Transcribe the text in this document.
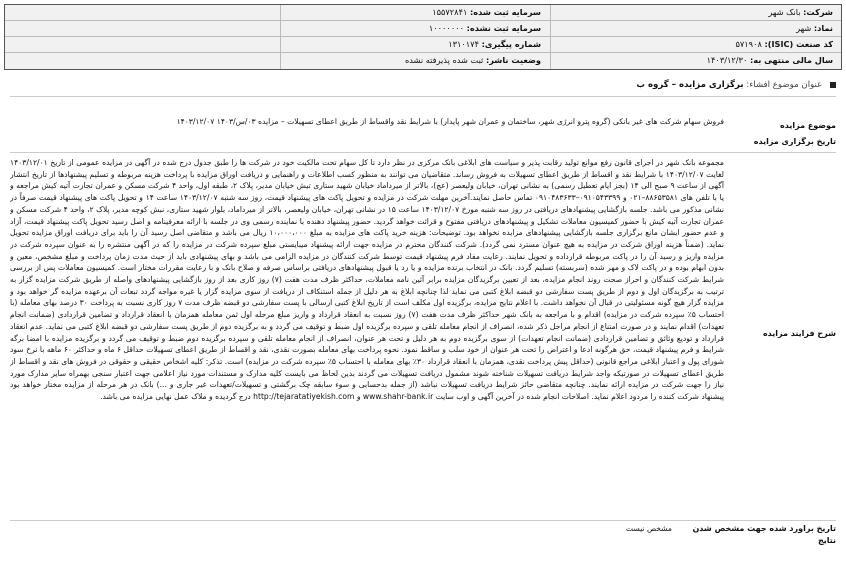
شرکت: بانک شهر
سرمایه ثبت شده: ۱۵۵۷۲۸۴۱
نماد: شهر
سرمایه ثبت نشده: ۱۰۰۰۰۰۰۰
کد صنعت (ISIC): ۵۷۱۹۰۸
شماره پیگیری: ۱۳۱۰۱۷۴
سال مالی منتهی به: ۱۴۰۳/۱۲/۳۰
وضعیت ناشر: ثبت شده پذیرفته نشده
عنوان موضوع افشاء: برگزاری مزایده – گروه ب
موضوع مزایده
تاریخ برگزاری مزایده
فروش سهام شرکت های غیر بانکی (گروه پترو انرژی شهر، ساختمان و عمران شهر پایدار) با شرایط نقد واقساط از طریق اعطای تسهیلات – مزایده ۰۳/س/۱۴۰۳ ۱۴۰۳/۱۲/۰۷
شرح فرایند مزایده
مجموعه بانک شهر در اجرای قانون رفع موانع تولید رقابت پذیر و سیاست های ابلاغی بانک مرکزی در نظر دارد تا کل سهام تحت مالکیت خود در شرکت ها را طبق جدول درج شده در آگهی در مزایده عمومی از تاریخ ۱۴۰۳/۱۲/۰۱ لغایت ۱۴۰۳/۱۲/۰۷ با شرایط نقد و اقساط از طریق اعطای تسهیلات به فروش رساند. متقاضیان می توانند به منظور کسب اطلاعات و راهنمایی و دریافت اوراق مزایده با پرداخت هزینه مربوطه و تسلیم پیشنهادها از تاریخ انتشار آگهی از ساعت ۹ صبح الی ۱۴ (بجز ایام تعطیل رسمی) به نشانی تهران، خیابان ولیعصر (عج)، بالاتر از میرداماد خیابان شهید ستاری تیش خیابان مدیر، پلاک ۲، طبقه اول، واحد ۴ شرکت مسکن و عمران تجارت آتیه کیش مراجعه و یا با تلفن های ۸۸۶۵۳۵۸۱–۰۲۱ و ۰۹۱۰۵۴۳۳۹۹–۰۹۱۰۴۸۳۶۳۳ تماس حاصل نمایند.آخرین مهلت شرکت در مزایده و تحویل پاکت های پیشنهاد قیمت، روز سه شنبه ۱۴۰۳/۱۲/۰۷ ساعت ۱۴ و تحویل پاکت های پیشنهاد قیمت صرفاً در نشانی مذکور می باشد. جلسه بازگشایی پیشنهادهای دریافتی در روز سه شنبه مورخ ۱۴۰۳/۱۲/۰۷ ساعت ۱۵ در نشانی تهران، خیابان ولیعصر، بالاتر از میرداماد، بلوار شهید ستاری، نبش کوچه مدیر، پلاک ۲، واحد ۴ شرکت مسکن و عمران تجارت آتیه کیش با حضور کمیسیون معاملات تشکیل و پیشنهادهای دریافتی مفتوح و قرائت خواهد گردید. حضور پیشنهاد دهنده با نماینده رسمی وی در جلسه با ارائه معرفینامه و اصل رسید تحویل پاکت پیشنهاد قیمت، آزاد و عدم حضور ایشان مانع برگزاری جلسه بازگشایی پیشنهادهای مزایده نخواهد بود. توضیحات: هزینه خرید پاکت های مزایده به مبلغ ۱۰،۰۰۰،۰۰۰ ریال می باشد و متقاضی اصل رسید آن را باید برای دریافت اوراق مزایده تحویل نماید. (ضمناً هزینه اوراق شرکت در مزایده به هیچ عنوان مسترد نمی گردد). شرکت کنندگان محترم در مزایده جهت ارائه پیشنهاد میبایستی مبلغ سپرده شرکت در مزایده را که در آگهی منتشره را به عنوان سپرده شرکت در مزایده واریز و رسید آن را در پاکت مربوطه قرارداده و تحویل نمایند. رعایت مفاد فرم پیشنهاد قیمت توسط شرکت کنندگان در مزایده الزامی می باشد و بهای پیشنهادی باید از حیث مدت زمان پرداخت و مبلغ مشخص، معین و بدون ابهام بوده و در پاکت لاک و مهر شده (سربسته) تسلیم گردد. بانک در انتخاب برنده مزایده و یا رد یا قبول پیشنهادهای دریافتی براساس صرفه و صلاح بانک و با رعایت مقررات مختار است. کمیسیون معاملات پس از بررسی شرایط شرکت کنندگان و احراز صحت روند انجام مزایده، بعد از تعیین برگزیدگان مزایده برابر آئین نامه معاملات، حداکثر ظرف مدت هفت (۷) روز کاری بعد از روز بازگشایی پیشنهادهای واصله از طریق شرکت مزایده گزار به ترتیب به برگزیدگان اول و دوم از طریق پست سفارشی دو قبضه ابلاغ کتبی می نماید لذا چنانچه ابلاغ به هر دلیل از جمله استنکاف از دریافت از سوی مزایده گزار یا غیره مواجه گردد تبعات آن برعهده مزایده گر خواهد بود و مزایده گزار هیچ گونه مسئولیتی در قبال آن نخواهد داشت. با اعلام نتایج مزایده، برگزیده اول مکلف است از تاریخ ابلاغ کتبی ارسالی با پست سفارشی دو قبضه ظرف مدت ۷ روز کاری نسبت به پرداخت ۳۰ درصد بهای معامله (با احتساب ۵٪ سپرده شرکت در مزایده) اقدام و با مراجعه به بانک شهر حداکثر ظرف مدت هفت (۷) روز نسبت به انعقاد قرارداد و واریز مبلغ مرحله اول ثمن معامله همزمان با انعقاد قرارداد و تضامین قراردادی (ضمانت انجام تعهدات) اقدام نمایند و در صورت امتناع از انجام مراحل ذکر شده، انصراف از انجام معامله تلقی و سپرده برگزیده اول ضبط و توقیف می گردد و به برگزیده دوم از طریق پست سفارشی دو قبضه ابلاغ کتبی می نماید. عدم انعقاد قرارداد و تودیع وثائق و تضامین قراردادی (ضمانت انجام تعهدات) از سوی برگزیده دوم به هر دلیل و تحت هر عنوان، انصراف از انجام معامله تلقی و سپرده برگزیده دوم ضبط و توقیف می گردد و برگزیده مزایده با امضا برگه شرایط و فرم پیشنهاد قیمت، حق هرگونه ادعا و اعتراض را تحت هر عنوان از خود سلب و ساقط نمود. نحوه پرداخت بهای معامله بصورت نقدی، نقد و اقساط از طریق اعطای تسهیلات حداقل ۶ ماه و حداکثر ۶۰ ماهه با نرخ سود شورای پول و اعتبار ابلاغی مراجع قانونی (حداقل پیش پرداخت نقدی، همزمان با انعقاد قرارداد ۳۰٪ بهای معامله با احتساب ۵٪ سپرده شرکت در مزایده) است. تذکر: کلیه اشخاص حقیقی و حقوقی در فروش های نقد و اقساط از طریق اعطای تسهیلات در صورتیکه واجد شرایط دریافت تسهیلات شناخته شوند مشمول دریافت تسهیلات می گردند بدین لحاظ می بایست کلیه مدارک و مستندات مورد نیاز اعلامی جهت اعتبار سنجی بهمراه سایر مدارک مورد نیاز را جهت شرکت در مزایده ارائه نمایند. چنانچه متقاضی حائز شرایط دریافت تسهیلات نباشد (از جمله بدحسابی و سوء سابقه چک برگشتی و تسهیلات/تعهدات غیر جاری و ...) بانک در هر مرحله از مزایده مختار خواهد بود پیشنهاد شرکت کننده را مردود اعلام نماید. اصلاحات انجام شده در آخرین آگهی و اوب سایت www.shahr-bank.ir و http://tejaratatiyekish.com درج گردیده و ملاک عمل نهایی مزایده می باشد.
تاریخ براورد شده جهت مشخص شدن نتایج
مشخص نیست
